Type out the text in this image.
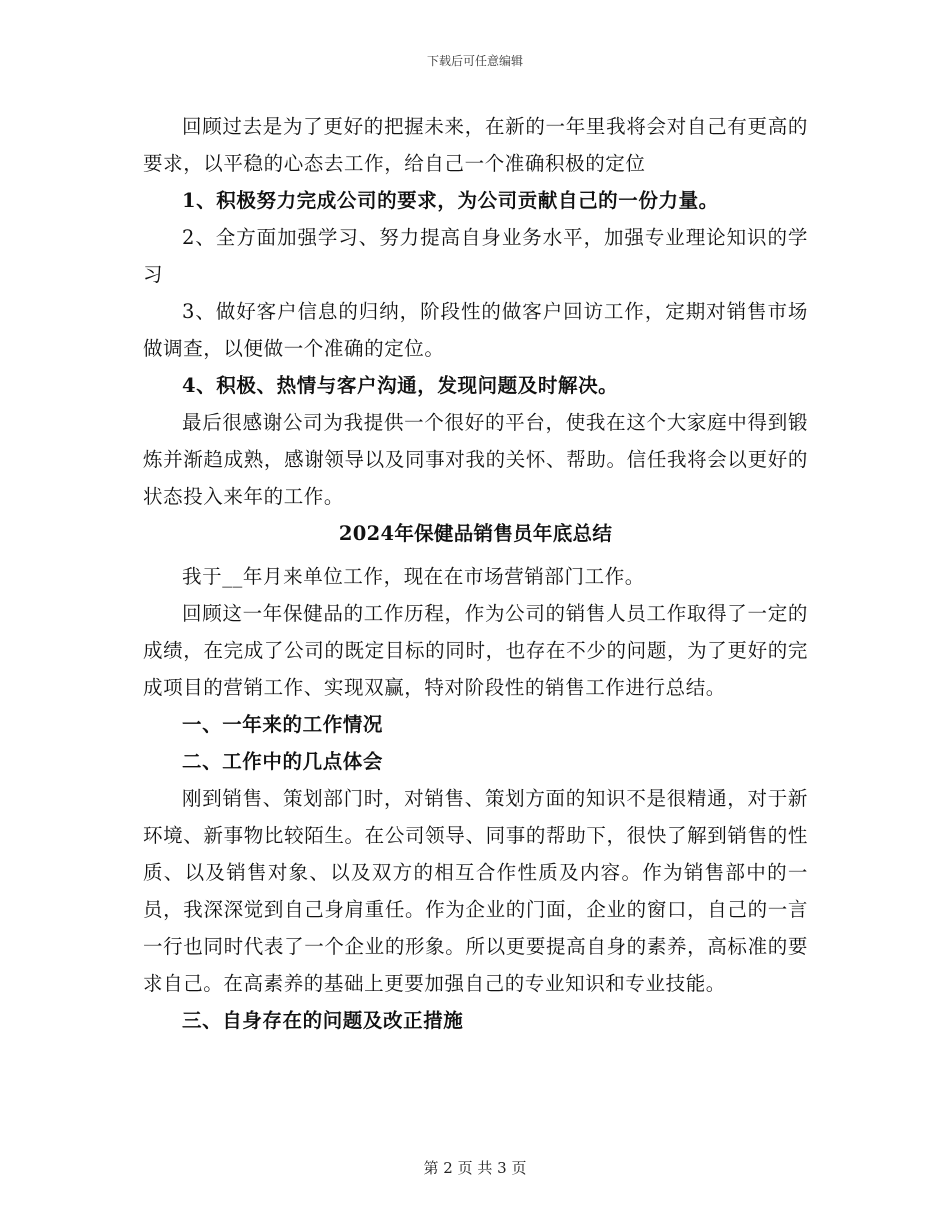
下载后可任意编辑

回顾过去是为了更好的把握未来，在新的一年里我将会对自己有更高的要求，以平稳的心态去工作，给自己一个准确积极的定位

1、积极努力完成公司的要求，为公司贡献自己的一份力量。

2、全方面加强学习、努力提高自身业务水平，加强专业理论知识的学习

3、做好客户信息的归纳，阶段性的做客户回访工作，定期对销售市场做调查，以便做一个准确的定位。

4、积极、热情与客户沟通，发现问题及时解决。

最后很感谢公司为我提供一个很好的平台，使我在这个大家庭中得到锻炼并渐趋成熟，感谢领导以及同事对我的关怀、帮助。信任我将会以更好的状态投入来年的工作。

2024年保健品销售员年底总结

我于__年月来单位工作，现在在市场营销部门工作。

回顾这一年保健品的工作历程，作为公司的销售人员工作取得了一定的成绩，在完成了公司的既定目标的同时，也存在不少的问题，为了更好的完成项目的营销工作、实现双赢，特对阶段性的销售工作进行总结。

一、一年来的工作情况

二、工作中的几点体会

刚到销售、策划部门时，对销售、策划方面的知识不是很精通，对于新环境、新事物比较陌生。在公司领导、同事的帮助下，很快了解到销售的性质、以及销售对象、以及双方的相互合作性质及内容。作为销售部中的一员，我深深觉到自己身肩重任。作为企业的门面，企业的窗口，自己的一言一行也同时代表了一个企业的形象。所以更要提高自身的素养，高标准的要求自己。在高素养的基础上更要加强自己的专业知识和专业技能。

三、自身存在的问题及改正措施

第 2 页 共 3 页
